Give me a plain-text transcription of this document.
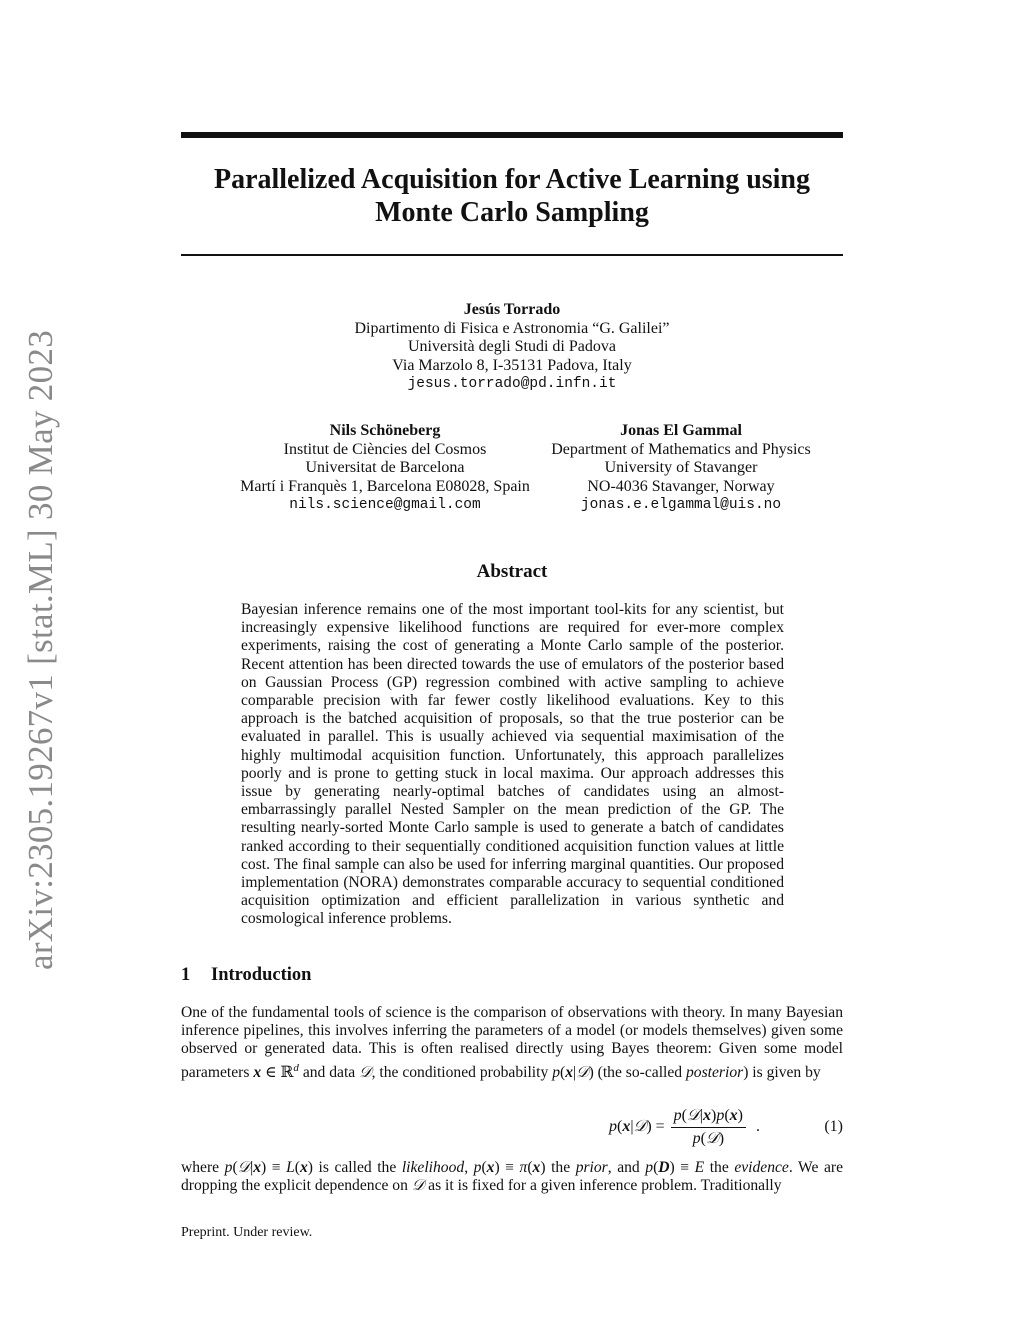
arXiv:2305.19267v1 [stat.ML] 30 May 2023
Parallelized Acquisition for Active Learning using Monte Carlo Sampling
Jesús Torrado
Dipartimento di Fisica e Astronomia “G. Galilei”
Università degli Studi di Padova
Via Marzolo 8, I-35131 Padova, Italy
jesus.torrado@pd.infn.it
Nils Schöneberg
Institut de Ciències del Cosmos
Universitat de Barcelona
Martí i Franquès 1, Barcelona E08028, Spain
nils.science@gmail.com
Jonas El Gammal
Department of Mathematics and Physics
University of Stavanger
NO-4036 Stavanger, Norway
jonas.e.elgammal@uis.no
Abstract
Bayesian inference remains one of the most important tool-kits for any scientist, but increasingly expensive likelihood functions are required for ever-more complex experiments, raising the cost of generating a Monte Carlo sample of the posterior. Recent attention has been directed towards the use of emulators of the posterior based on Gaussian Process (GP) regression combined with active sampling to achieve comparable precision with far fewer costly likelihood evaluations. Key to this approach is the batched acquisition of proposals, so that the true posterior can be evaluated in parallel. This is usually achieved via sequential maximisation of the highly multimodal acquisition function. Unfortunately, this approach parallelizes poorly and is prone to getting stuck in local maxima. Our approach addresses this issue by generating nearly-optimal batches of candidates using an almost-embarrassingly parallel Nested Sampler on the mean prediction of the GP. The resulting nearly-sorted Monte Carlo sample is used to generate a batch of candidates ranked according to their sequentially conditioned acquisition function values at little cost. The final sample can also be used for inferring marginal quantities. Our proposed implementation (NORA) demonstrates comparable accuracy to sequential conditioned acquisition optimization and efficient parallelization in various synthetic and cosmological inference problems.
1 Introduction
One of the fundamental tools of science is the comparison of observations with theory. In many Bayesian inference pipelines, this involves inferring the parameters of a model (or models themselves) given some observed or generated data. This is often realised directly using Bayes theorem: Given some model parameters x ∈ ℝ$^d$ and data 𝒟, the conditioned probability p(x|𝒟) (the so-called posterior) is given by
p(x|𝒟) = $\frac{\text{p(𝒟|x)p(x)}}{\text{p(𝒟)}}$ .	(1)
where p(𝒟|x) ≡ L(x) is called the likelihood, p(x) ≡ π(x) the prior, and p(D) ≡ E the evidence. We are dropping the explicit dependence on 𝒟 as it is fixed for a given inference problem. Traditionally
Preprint. Under review.
